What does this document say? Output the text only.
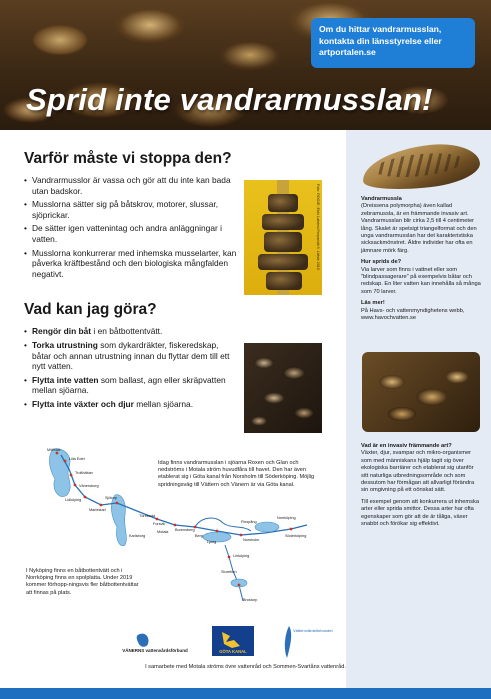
Sprid inte vandrarmusslan!
Om du hittar vandrarmusslan, kontakta din länsstyrelse eller artportalen.se
Varför måste vi stoppa den?
• Vandrarmusslor är vassa och gör att du inte kan bada utan badskor.
• Musslorna sätter sig på båtskrov, motorer, slussar, sjöprickar.
• De sätter igen vattenintag och andra anläggningar i vatten.
• Musslorna konkurrerar med inhemska musselarter, kan påverka kräftbestånd och den biologiska mångfalden negativt.
Vad kan jag göra?
• Rengör din båt i en båtbottentvätt.
• Torka utrustning som dykardräkter, fiskeredskap, båtar och annan utrustning innan du flyttar dem till ett nytt vatten.
• Flytta inte vatten som ballast, agn eller skräpvatten mellan sjöarna.
• Flytta inte växter och djur mellan sjöarna.
Foto: ROOJE, Elvik Lahdesi/Ymparistö.fi. Lähde 2013
Mölndal
Lilla Edet
Trollhättan
Vänersborg
Lidköping
Mariestad
Sjötorp
Töreboda
Forsvik
Karlsborg
Motala Borensberg
Berg
Ljung	Norsholm
Söderköping
Linköping
Finspång
Norrköping
Stureforn
Brostorp
Idag finns vandrarmusslan i sjöarna Roxen och Glan och nedströms i Motala ström huvudfåra till havet. Den har även etablerat sig i Göta kanal från Norsholm till Söderköping. Möjlig spridningsväg till Vättern och Vänern är via Göta kanal.
I Nyköping finns en båtbottentvätt och i Norrköping finns en spolplatta. Under 2019 kommer förhopp-ningsvis fler båtbottentvättar att finnas på plats.
VÄNERNS vattenvårdsförbund	GÖTA KANAL
Vätternvårdsförbundet
I samarbete med Motala ströms övre vattenråd och Sommen-Svartåns vattenråd.

Vandrarmussla
(Dreissena polymorpha) även kallad zebramussla, är en främmande invasiv art. Vandrarmusslan blir cirka 2,5 till 4 centimeter lång. Skalet är spetsigt triangelformat och den unga vandrarmusslan har det karakteristiska sicksackmönstret. Äldre individer har ofta en jämnare mörk färg.

Hur sprids de?
Via larver som finns i vattnet eller som "blindpassagerare" på exempelvis båtar och redskap. En liter vatten kan innehålla så många som 70 larver.

Läs mer!
På Havs- och vattenmyndighetens webb, www.havochvatten.se

Vad är en invasiv främmande art?
Växter, djur, svampar och mikro-organismer som med människans hjälp tagit sig över ekologiska barriärer och etablerat sig utanför sitt naturliga utbredningsområde och som dessutom har förmågan att allvarligt förändra sin omgivning på ett oönskat sätt.

Till exempel genom att konkurrera ut inhemska arter eller sprida smittor. Dessa arter har ofta egenskaper som gör att de är tåliga, växer snabbt och förökar sig effektivt.
